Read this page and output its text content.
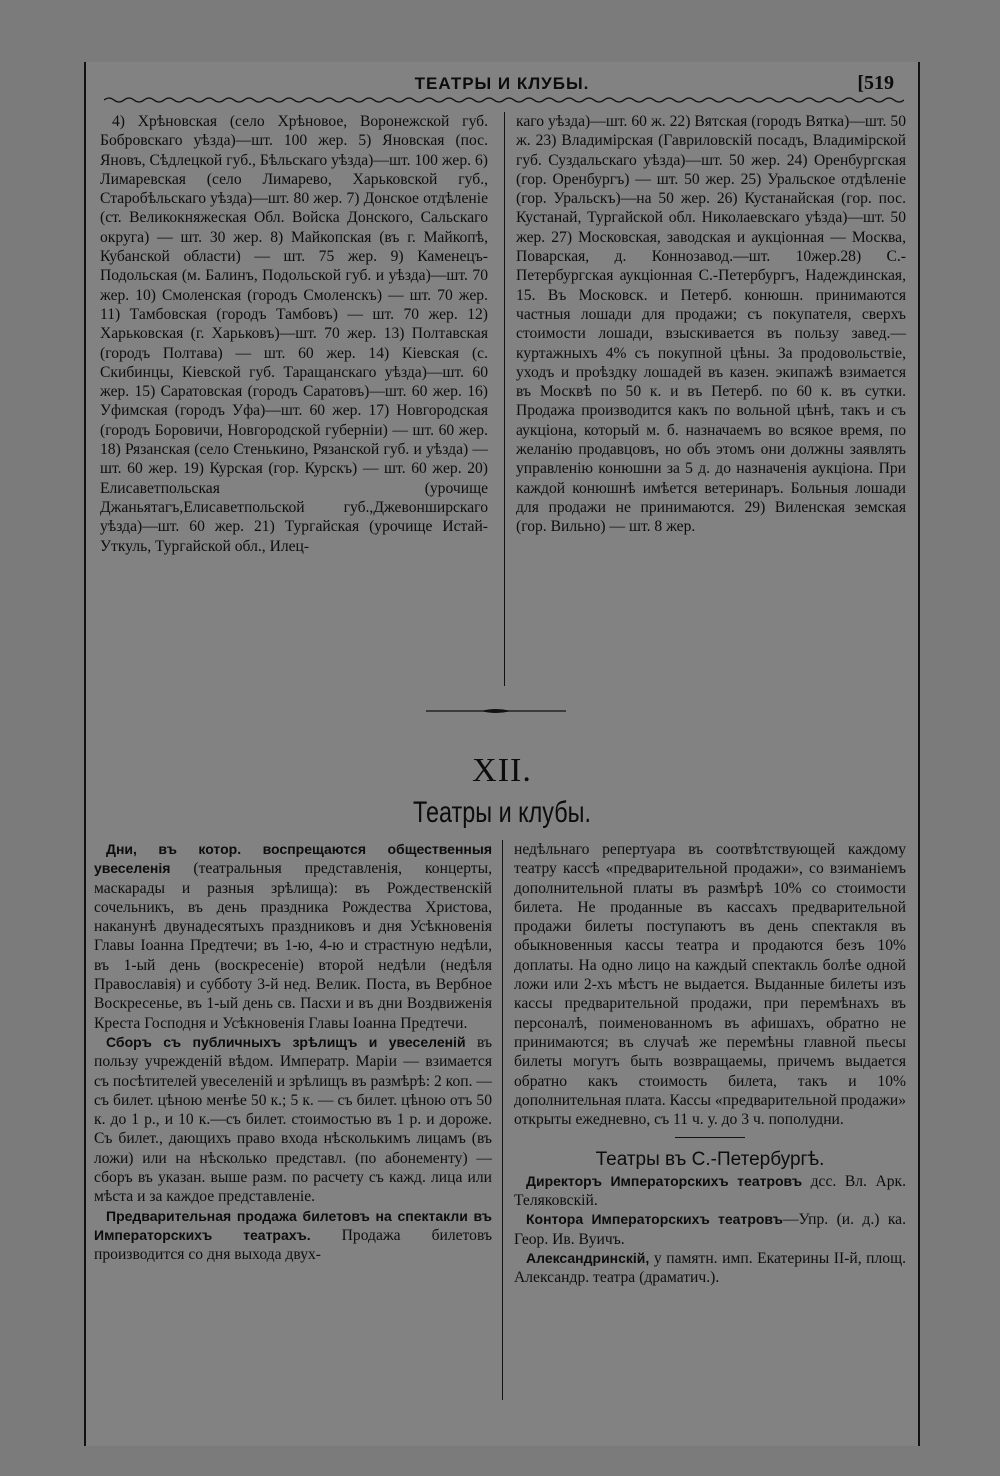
ТЕАТРЫ И КЛУБЫ.	[519

4) Хрѣновская (село Хрѣновое, Воронежской губ. Бобровскаго уѣзда)—шт. 100 жер. 5) Яновская (пос. Яновъ, Сѣдлецкой губ., Бѣльскаго уѣзда)—шт. 100 жер. 6) Лимаревская (село Лимарево, Харьковской губ., Старобѣльскаго уѣзда)—шт. 80 жер. 7) Донское отдѣленіе (ст. Великокняжеская Обл. Войска Донского, Сальскаго округа) — шт. 30 жер. 8) Майкопская (въ г. Майкопѣ, Кубанской области) — шт. 75 жер. 9) Каменецъ-Подольская (м. Балинъ, Подольской губ. и уѣзда)—шт. 70 жер. 10) Смоленская (городъ Смоленскъ) — шт. 70 жер. 11) Тамбовская (городъ Тамбовъ) — шт. 70 жер. 12) Харьковская (г. Харьковъ)—шт. 70 жер. 13) Полтавская (городъ Полтава) — шт. 60 жер. 14) Кіевская (с. Скибинцы, Кіевской губ. Таращанскаго уѣзда)—шт. 60 жер. 15) Саратовская (городъ Саратовъ)—шт. 60 жер. 16) Уфимская (городъ Уфа)—шт. 60 жер. 17) Новгородская (городъ Боровичи, Новгородской губерніи) — шт. 60 жер. 18) Рязанская (село Стенькино, Рязанской губ. и уѣзда) — шт. 60 жер. 19) Курская (гор. Курскъ) — шт. 60 жер. 20) Елисаветпольская (урочище Джаньятагъ,Елисаветпольской губ.,Джевонширскаго уѣзда)—шт. 60 жер. 21) Тургайская (урочище Истай-Уткуль, Тургайской обл., Илец-

каго уѣзда)—шт. 60 ж. 22) Вятская (городъ Вятка)—шт. 50 ж. 23) Владимірская (Гавриловскій посадъ, Владимірской губ. Суздальскаго уѣзда)—шт. 50 жер. 24) Оренбургская (гор. Оренбургъ) — шт. 50 жер. 25) Уральское отдѣленіе (гор. Уральскъ)—на 50 жер. 26) Кустанайская (гор. пос. Кустанай, Тургайской обл. Николаевскаго уѣзда)—шт. 50 жер. 27) Московская, заводская и аукціонная — Москва, Поварская, д. Коннозавод.—шт. 10жер.28) С.-Петербургская аукціонная С.-Петербургъ, Надеждинская, 15. Въ Московск. и Петерб. конюшн. принимаются частныя лошади для продажи; съ покупателя, сверхъ стоимости лошади, взыскивается въ пользу завед.—куртажныхъ 4% съ покупной цѣны. За продовольствіе, уходъ и проѣздку лошадей въ казен. экипажѣ взимается въ Москвѣ по 50 к. и въ Петерб. по 60 к. въ сутки. Продажа производится какъ по вольной цѣнѣ, такъ и съ аукціона, который м. б. назначаемъ во всякое время, по желанію продавцовъ, но объ этомъ они должны заявлять управленію конюшни за 5 д. до назначенія аукціона. При каждой конюшнѣ имѣется ветеринаръ. Больныя лошади для продажи не принимаются. 29) Виленская земская (гор. Вильно) — шт. 8 жер.

XII.
Театры и клубы.

Дни, въ котор. воспрещаются общественныя увеселенія (театральныя представленія, концерты, маскарады и разныя зрѣлища): въ Рождественскій сочельникъ, въ день праздника Рождества Христова, наканунѣ двунадесятыхъ праздниковъ и дня Усѣкновенія Главы Іоанна Предтечи; въ 1-ю, 4-ю и страстную недѣли, въ 1-ый день (воскресеніе) второй недѣли (недѣля Православія) и субботу 3-й нед. Велик. Поста, въ Вербное Воскресенье, въ 1-ый день св. Пасхи и въ дни Воздвиженія Креста Господня и Усѣкновенія Главы Іоанна Предтечи.

Сборъ съ публичныхъ зрѣлищъ и увеселеній въ пользу учрежденій вѣдом. Императр. Маріи — взимается съ посѣтителей увеселеній и зрѣлищъ въ размѣрѣ: 2 коп. — съ билет. цѣною менѣе 50 к.; 5 к. — съ билет. цѣною отъ 50 к. до 1 р., и 10 к.—съ билет. стоимостью въ 1 р. и дороже. Съ билет., дающихъ право входа нѣсколькимъ лицамъ (въ ложи) или на нѣсколько представл. (по абонементу) —сборъ въ указан. выше разм. по расчету съ кажд. лица или мѣста и за каждое представленіе.

Предварительная продажа билетовъ на спектакли въ Императорскихъ театрахъ. Продажа билетовъ производится со дня выхода двух-

недѣльнаго репертуара въ соотвѣтствующей каждому театру кассѣ «предварительной продажи», со взиманіемъ дополнительной платы въ размѣрѣ 10% со стоимости билета. Не проданные въ кассахъ предварительной продажи билеты поступаютъ въ день спектакля въ обыкновенныя кассы театра и продаются безъ 10% доплаты. На одно лицо на каждый спектакль болѣе одной ложи или 2-хъ мѣстъ не выдается. Выданные билеты изъ кассы предварительной продажи, при перемѣнахъ въ персоналѣ, поименованномъ въ афишахъ, обратно не принимаются; въ случаѣ же перемѣны главной пьесы билеты могутъ быть возвращаемы, причемъ выдается обратно какъ стоимость билета, такъ и 10% дополнительная плата. Кассы «предварительной продажи» открыты ежедневно, съ 11 ч. у. до 3 ч. пополудни.

Театры въ С.-Петербургѣ.

Директоръ Императорскихъ театровъ дсс. Вл. Арк. Теляковскій.

Контора Императорскихъ театровъ—Упр. (и. д.) ка. Геор. Ив. Вуичъ.

Александринскій, у памятн. имп. Екатерины ІІ-й, площ. Александр. театра (драматич.).
